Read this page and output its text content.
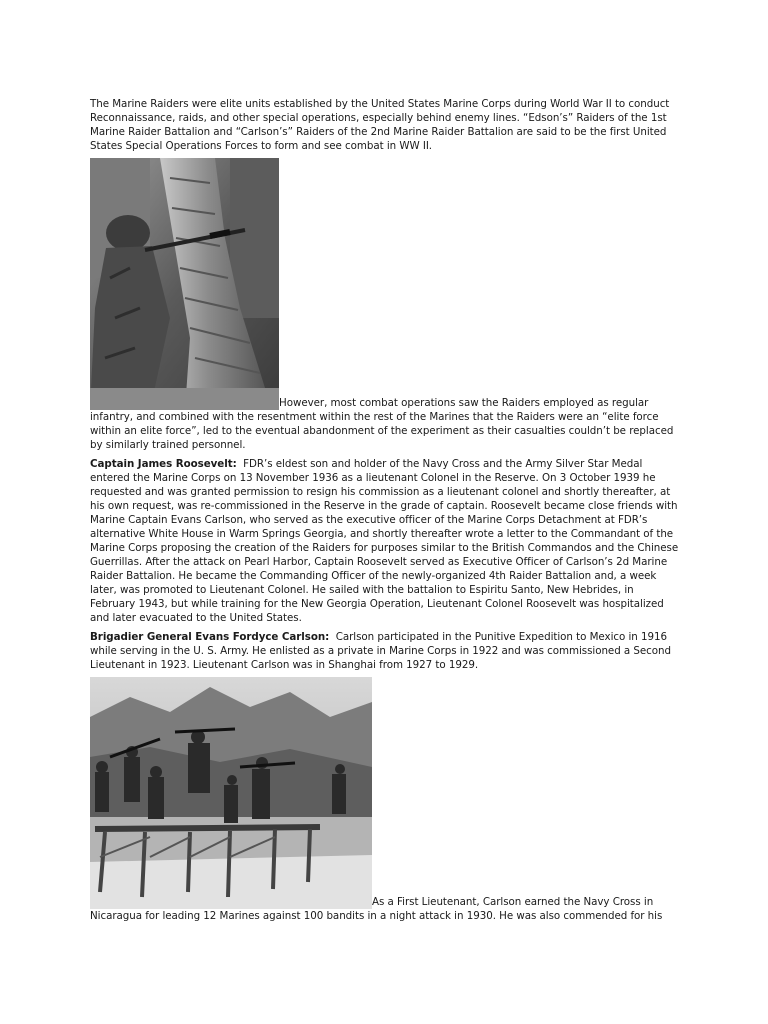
The Marine Raiders were elite units established by the United States Marine Corps during World War II to conduct Reconnaissance, raids, and other special operations, especially behind enemy lines. “Edson’s” Raiders of the 1st Marine Raider Battalion and “Carlson’s” Raiders of the 2nd Marine Raider Battalion are said to be the first United States Special Operations Forces to form and see combat in WW II.

However, most combat operations saw the Raiders employed as regular infantry, and combined with the resentment within the rest of the Marines that the Raiders were an “elite force within an elite force”, led to the eventual abandonment of the experiment as their casualties couldn’t be replaced by similarly trained personnel.

Captain James Roosevelt: FDR’s eldest son and holder of the Navy Cross and the Army Silver Star Medal entered the Marine Corps on 13 November 1936 as a lieutenant Colonel in the Reserve. On 3 October 1939 he requested and was granted permission to resign his commission as a lieutenant colonel and shortly thereafter, at his own request, was re-commissioned in the Reserve in the grade of captain. Roosevelt became close friends with Marine Captain Evans Carlson, who served as the executive officer of the Marine Corps Detachment at FDR’s alternative White House in Warm Springs Georgia, and shortly thereafter wrote a letter to the Commandant of the Marine Corps proposing the creation of the Raiders for purposes similar to the British Commandos and the Chinese Guerrillas. After the attack on Pearl Harbor, Captain Roosevelt served as Executive Officer of Carlson’s 2d Marine Raider Battalion. He became the Commanding Officer of the newly-organized 4th Raider Battalion and, a week later, was promoted to Lieutenant Colonel. He sailed with the battalion to Espiritu Santo, New Hebrides, in February 1943, but while training for the New Georgia Operation, Lieutenant Colonel Roosevelt was hospitalized and later evacuated to the United States.

Brigadier General Evans Fordyce Carlson: Carlson participated in the Punitive Expedition to Mexico in 1916 while serving in the U. S. Army. He enlisted as a private in Marine Corps in 1922 and was commissioned a Second Lieutenant in 1923. Lieutenant Carlson was in Shanghai from 1927 to 1929.

As a First Lieutenant, Carlson earned the Navy Cross in Nicaragua for leading 12 Marines against 100 bandits in a night attack in 1930. He was also commended for his
